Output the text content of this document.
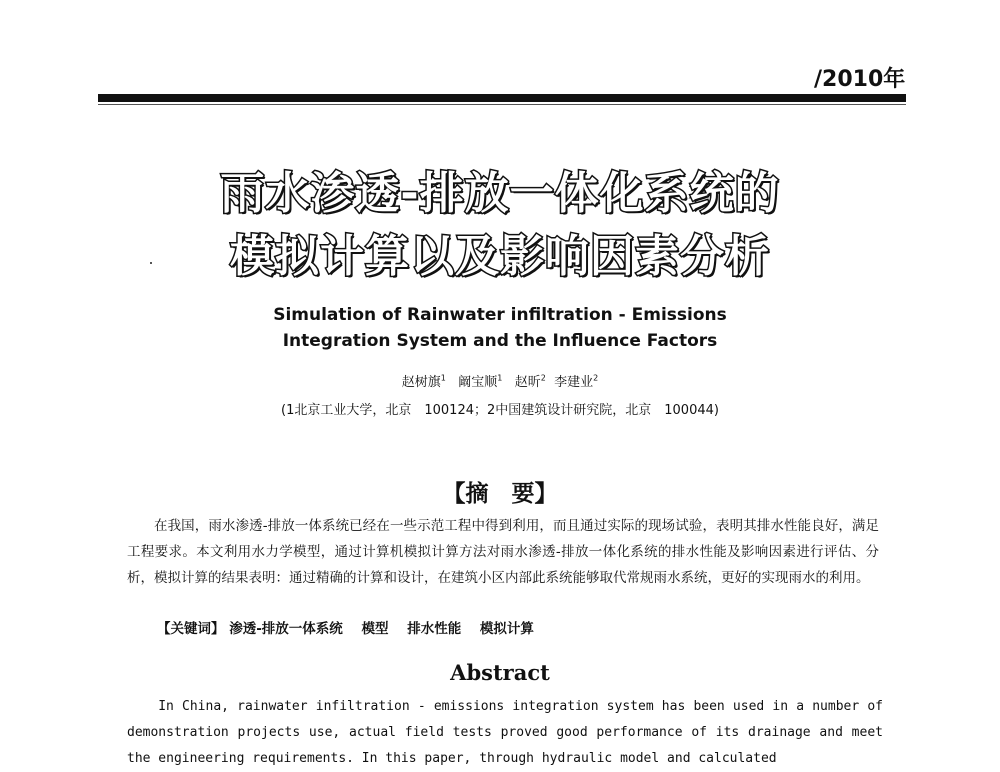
/2010年
雨水渗透-排放一体化系统的
模拟计算以及影响因素分析
Simulation of Rainwater infiltration - Emissions
Integration System and the Influence Factors
赵树旗$^1$ 阚宝顺$^1$ 赵昕$^2$ 李建业$^2$
(1北京工业大学，北京　100124；2中国建筑设计研究院，北京　100044)
【摘　要】
在我国，雨水渗透-排放一体系统已经在一些示范工程中得到利用，而且通过实际的现场试验，表明其排水性能良好，满足工程要求。本文利用水力学模型，通过计算机模拟计算方法对雨水渗透-排放一体化系统的排水性能及影响因素进行评估、分析，模拟计算的结果表明：通过精确的计算和设计，在建筑小区内部此系统能够取代常规雨水系统，更好的实现雨水的利用。
【关键词】 渗透-排放一体系统 模型 排水性能 模拟计算
Abstract
In China, rainwater infiltration - emissions integration system has been used in a number of demonstration projects use, actual field tests proved good performance of its drainage and meet the engineering requirements. In this paper, through hydraulic model and calculated
